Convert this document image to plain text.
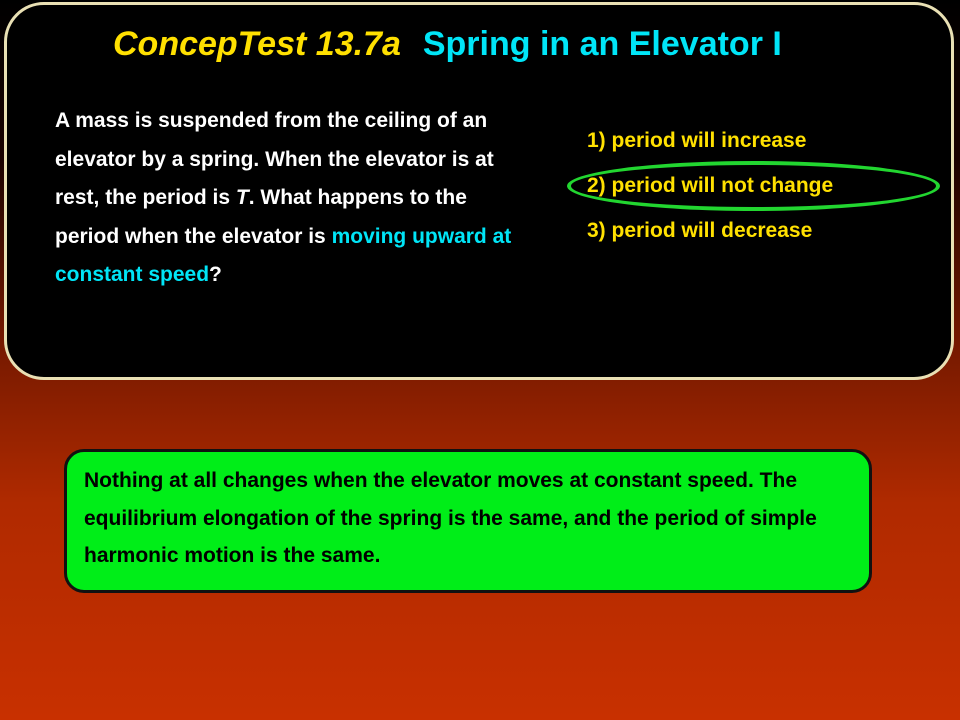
ConcepTest 13.7a Spring in an Elevator I
A mass is suspended from the ceiling of an elevator by a spring. When the elevator is at rest, the period is T. What happens to the period when the elevator is moving upward at constant speed?
1) period will increase
2) period will not change
3) period will decrease
Nothing at all changes when the elevator moves at constant speed. The equilibrium elongation of the spring is the same, and the period of simple harmonic motion is the same.
